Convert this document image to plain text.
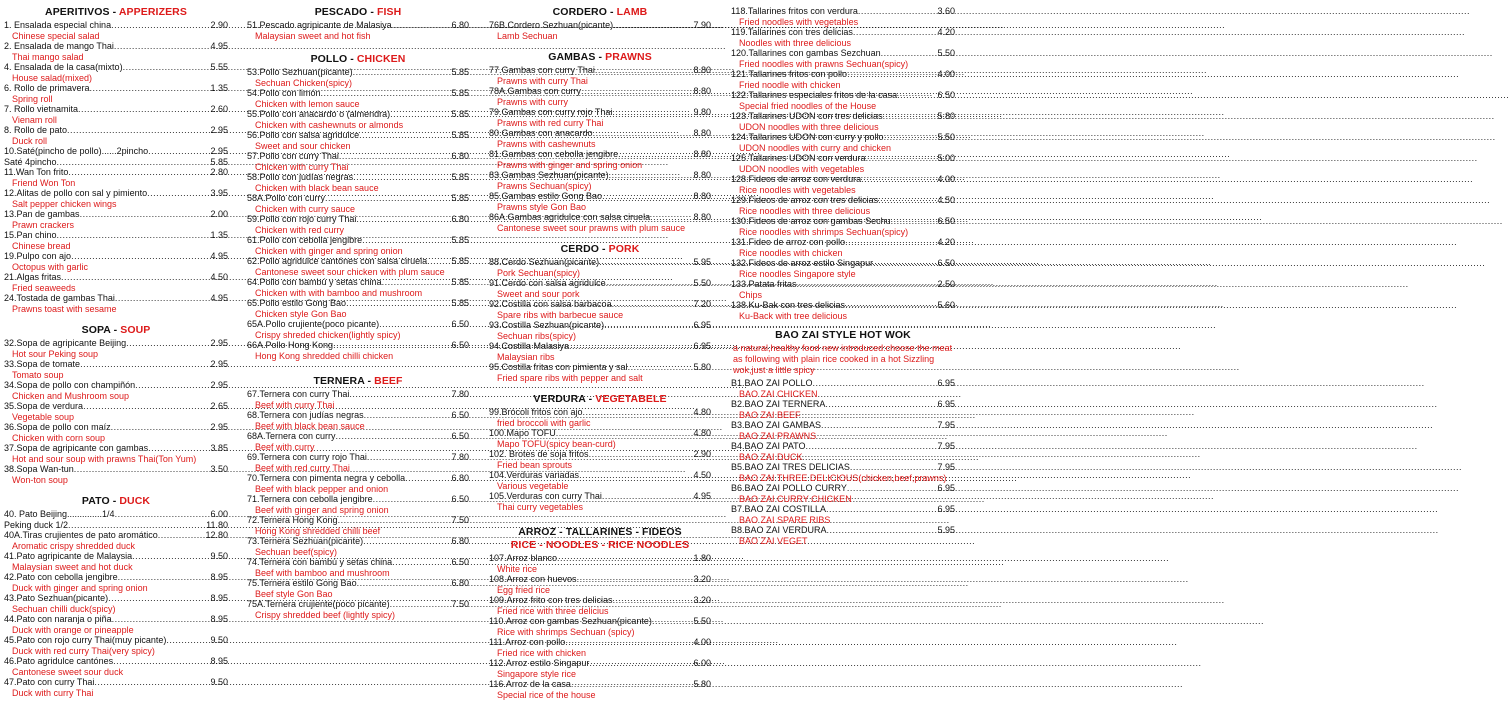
APERITIVOS - APPERIZERS
1. Ensalada especial china .....	2.90
Chinese special salad
2. Ensalada de mango Thai .....	4.95
Thai mango salad
4. Ensalada de la casa(mixto) .....	5.55
House salad(mixed)
6. Rollo de primavera .....	1.35
Spring roll
7. Rollo vietnamita .....	2.60
Vienam roll
8. Rollo de pato .....	2.95
Duck roll
10.Saté(pincho de pollo)......2pincho .....	2.95
Saté 4pincho .....	5.85
11.Wan Ton frito .....	2.80
Friend Won Ton
12.Alitas de pollo con sal y pimiento .....	3.95
Salt pepper chicken wings
13.Pan de gambas .....	2.00
Prawn crackers
15.Pan chino .....	1.35
Chinese bread
19.Pulpo con ajo .....	4.95
Octopus with garlic
21.Algas fritas .....	4.50
Fried seaweeds
24.Tostada de gambas Thai .....	4.95
Prawns toast with sesame
SOPA - SOUP
32.Sopa de agripicante Beijing .....	2.95
Hot sour Peking soup
33.Sopa de tomate .....	2.95
Tomato soup
34.Sopa de pollo con champiñón .....	2.95
Chicken and Mushroom soup
35.Sopa de verdura .....	2.65
Vegetable soup
36.Sopa de pollo con maíz .....	2.95
Chicken with corn soup
37.Sopa de agripicante con gambas .....	3.85
Hot and sour soup with prawns Thai(Ton Yum)
38.Sopa Wan-tun .....	3.50
Won-ton soup
PATO - DUCK
40. Pato Beijing..............1/4 .....	6.00
Peking duck 1/2 .....	11.80
40A.Tiras crujientes de pato aromático .....	12.80
Aromatic crispy shredded duck
41.Pato agripicante de Malaysia .....	9.50
Malaysian sweet and hot duck
42.Pato con cebolla jengibre .....	8.95
Duck with ginger and spring onion
43.Pato Sezhuan(picante) .....	8.95
Sechuan chilli duck(spicy)
44.Pato con naranja o piña .....	8.95
Duck with orange or pineapple
45.Pato con rojo curry Thai(muy picante) .....	9.50
Duck with red curry Thai(very spicy)
46.Pato agridulce cantónes .....	8.95
Cantonese sweet sour duck
47.Pato con curry Thai .....	9.50
Duck with curry Thai
PESCADO - FISH
51.Pescado agripicante de Malasiya .....	6.80
Malaysian sweet and hot fish
POLLO - CHICKEN
53.Pollo Sezhuan(picante) .....	5.85
Sechuan Chicken(spicy)
54.Pollo con limón .....	5.85
Chicken with lemon sauce
55.Pollo con anacardo o (almendra) .....	5.85
Chicken with cashewnuts or almonds
56.Pollo con salsa agridulce .....	5.85
Sweet and sour chicken
57.Pollo con curry Thai .....	6.80
Chicken with curry Thai
58.Pollo con judías negras .....	5.85
Chicken with black bean sauce
58A.Pollo con curry .....	5.85
Chicken with curry sauce
59.Pollo con rojo curry Thai .....	6.80
Chicken with red curry
61.Pollo con cebolla jengibre .....	5.85
Chicken with ginger and spring onion
62.Pollo agridulce cantónes con salsa ciruela .....	5.85
Cantonese sweet sour chicken with plum sauce
64.Pollo con bambú y setas china .....	5.85
Chicken with with bamboo and mushroom
65.Pollo estilo Gong Bao .....	5.85
Chicken style Gon Bao
65A.Pollo crujiente(poco picante) .....	6.50
Crispy shreded chicken(lightly spicy)
66A.Pollo Hong Kong .....	6.50
Hong Kong shredded chilli chicken
TERNERA - BEEF
67.Ternera con curry Thai .....	7.80
Beef with curry Thai
68.Ternera con judías negras .....	6.50
Beef with black bean sauce
68A.Ternera con curry .....	6.50
Beef with curry
69.Ternera con curry rojo Thai .....	7.80
Beef with red curry Thai
70.Ternera con pimenta negra y cebolla .....	6.80
Beef with black pepper and onion
71.Ternera con cebolla jengibre .....	6.50
Beef with ginger and spring onion
72.Ternera Hong Kong .....	7.50
Hong Kong shredded chilli beef
73.Ternera Sezhuan(picante) .....	6.80
Sechuan beef(spicy)
74.Ternera con bambú y setas china .....	6.50
Beef with bamboo and mushroom
75.Ternera estilo Gong Bao .....	6.80
Beef style Gon Bao
75A.Ternera crujiente(poco picante) .....	7.50
Crispy shredded beef (lightly spicy)
CORDERO - LAMB
76B.Cordero Sezhuan(picante) .....	7.90
Lamb Sechuan
GAMBAS - PRAWNS
77.Gambas con curry Thai .....	8.80
Prawns with curry Thai
78A.Gambas con curry .....	8.80
Prawns with curry
79.Gambas con curry rojo Thai .....	9.80
Prawns with red curry Thai
80.Gambas con anacardo .....	8.80
Prawns with cashewnuts
81.Gambas con cebolla jengibre .....	8.80
Prawns with ginger and spring onion
83.Gambas Sezhuan(picante) .....	8.80
Prawns Sechuan(spicy)
85.Gambas estilo Gong Bao .....	8.80
Prawns style Gon Bao
86A.Gambas agridulce con salsa ciruela .....	8.80
Cantonese sweet sour prawns with plum sauce
CERDO - PORK
88.Cerdo Sezhuan(picante) .....	5.95
Pork Sechuan(spicy)
91.Cerdo con salsa agridulce .....	5.50
Sweet and sour pork
92.Costilla con salsa barbacoa .....	7.20
Spare ribs with barbecue sauce
93.Costilla Sezhuan(picante) .....	6.95
Sechuan ribs(spicy)
94.Costilla Malasiya .....	6.95
Malaysian ribs
95.Costilla fritas con pimienta y sal .....	5.80
Fried spare ribs with pepper and salt
VERDURA - VEGETABELE
99.Brócoli fritos con ajo .....	4.80
fried broccoli with garlic
100.Mapo TOFU .....	4.80
Mapo TOFU(spicy bean-curd)
102. Brotes de soja fritos .....	2.90
Fried bean sprouts
104.Verduras variadas .....	4.50
Various vegetable
105.Verduras con curry Thai .....	4.95
Thai curry vegetables
ARROZ - TALLARINES - FIDEOS
RICE - NOODLES - RICE NOODLES
107.Arroz blanco .....	1.80
White rice
108.Arroz con huevos .....	3.20
Egg fried rice
109.Arroz frito con tres delicias .....	3.20
Fried rice with three delicius
110.Arroz con gambas Sezhuan(picante) .....	5.50
Rice with shrimps Sechuan (spicy)
111.Arroz con pollo .....	4.00
Fried rice with chicken
112.Arroz estilo Singapur .....	6.00
Singapore style rice
116.Arroz de la casa .....	5.80
Special rice of the house
118.Tallarines fritos con verdura .....	3.60
Fried noodles with vegetables
119.Tallarines con tres delicias .....	4.20
Noodles with three delicious
120.Tallarines con gambas Sezchuan .....	5.50
Fried noodles with prawns Sechuan(spicy)
121.Tallarines fritos con pollo .....	4.00
Fried noodle with chicken
122.Tallarines especiales fritos de la casa .....	6.50
Special fried noodles of the House
123.Tallarines UDON con tres delicias .....	5.80
UDON noodles with three delicious
124.Tallarines UDON con curry y pollo .....	5.50
UDON noodles with curry and chicken
125.Tallarines UDON con verdura .....	5.00
UDON noodles with vegetables
128.Fideos de arroz con verdura .....	4.00
Rice noodles with vegetables
129.Fideos de arroz con tres delicias .....	4.50
Rice noodles with three delicious
130.Fideos de arroz con gambas Sechu .....	6.50
Rice noodles with shrimps Sechuan(spicy)
131.Fideo de arroz con pollo .....	4.20
Rice noodles with chicken
132.Fideos de arroz estilo Singapur .....	6.50
Rice noodles Singapore style
133.Patata fritas .....	2.50
Chips
138.Ku-Bak con tres delicias .....	5.60
Ku-Back with tree delicious
BAO ZAI STYLE HOT WOK
a natural,healthy food new introduced:choose the meat as following with plain rice cooked in a hot Sizzling wok,just a little spicy
B1.BAO ZAI POLLO .....	6.95
BAO ZAI CHICKEN
B2.BAO ZAI TERNERA .....	6.95
BAO ZAI BEEF
B3.BAO ZAI GAMBAS .....	7.95
BAO ZAI PRAWNS
B4.BAO ZAI PATO .....	7.95
BAO ZAI DUCK
B5.BAO ZAI TRES DELICIAS .....	7.95
BAO ZAI THREE DELICIOUS(chicken,beef,prawns)
B6.BAO ZAI POLLO CURRY .....	6.95
BAO ZAI CURRY CHICKEN
B7.BAO ZAI COSTILLA .....	6.95
BAO ZAI SPARE RIBS
B8.BAO ZAI VERDURA .....	5.95
BAO ZAI VEGET
